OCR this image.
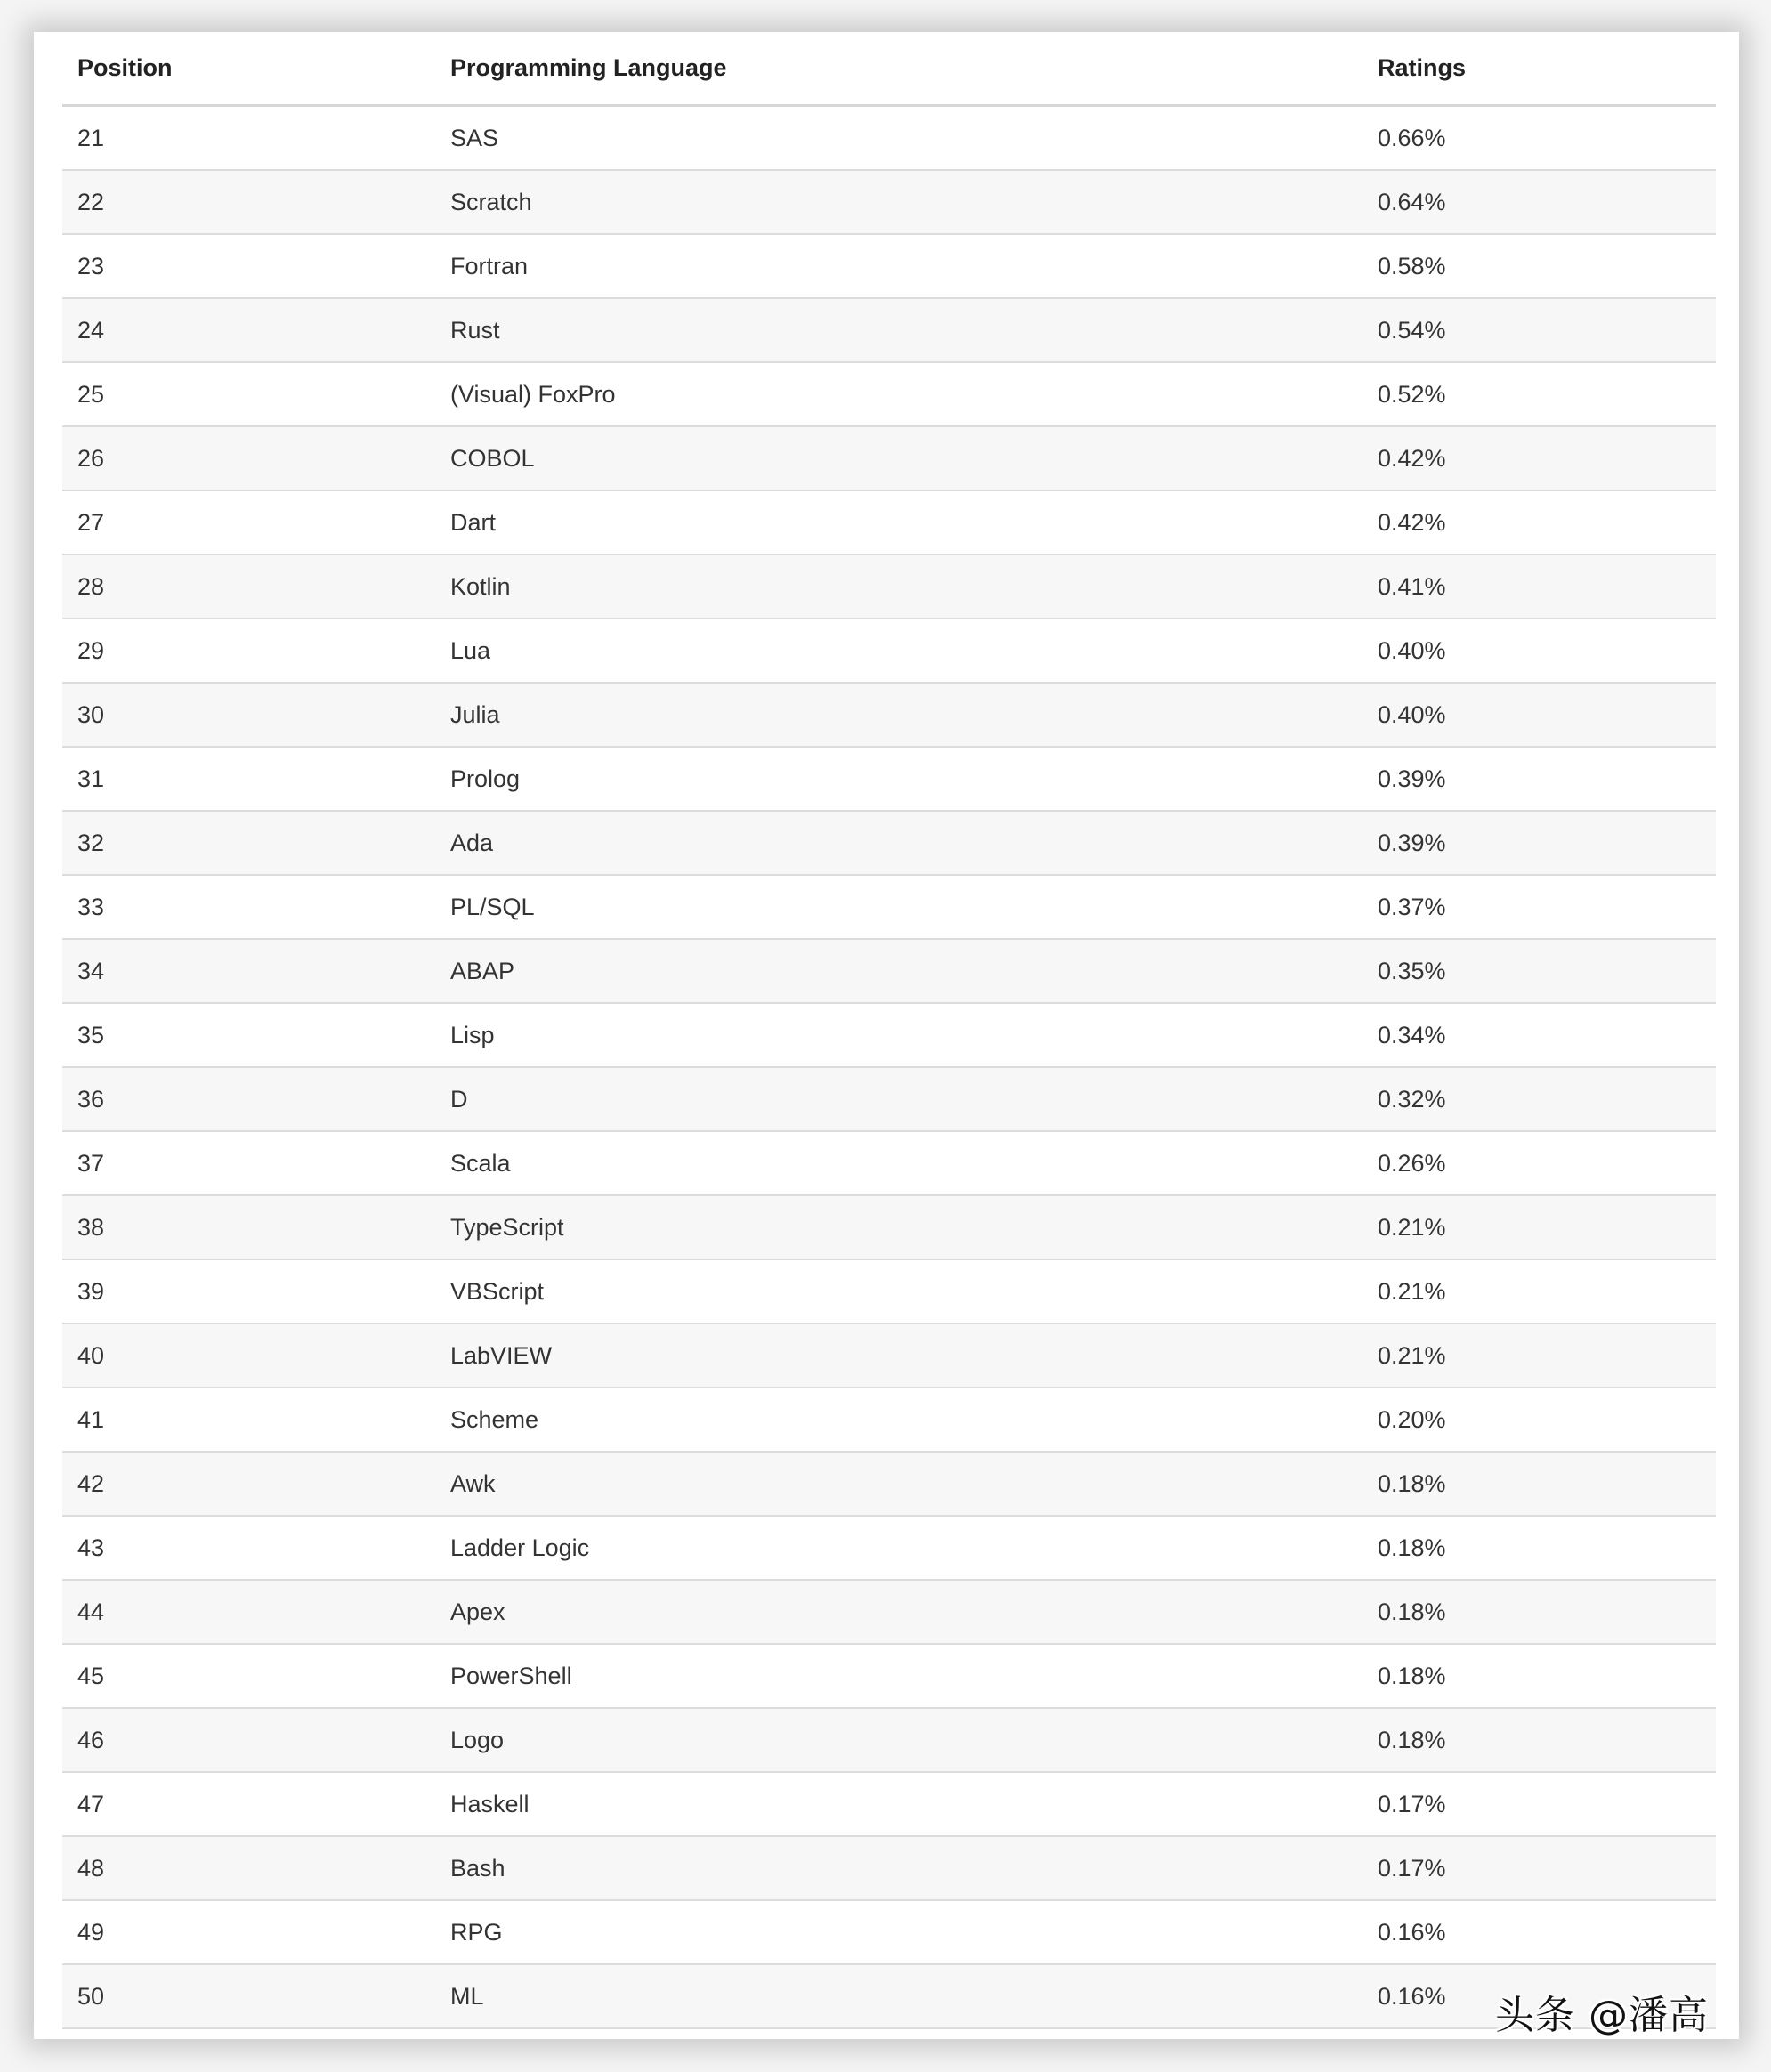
Position	Programming Language	Ratings
21	SAS	0.66%
22	Scratch	0.64%
23	Fortran	0.58%
24	Rust	0.54%
25	(Visual) FoxPro	0.52%
26	COBOL	0.42%
27	Dart	0.42%
28	Kotlin	0.41%
29	Lua	0.40%
30	Julia	0.40%
31	Prolog	0.39%
32	Ada	0.39%
33	PL/SQL	0.37%
34	ABAP	0.35%
35	Lisp	0.34%
36	D	0.32%
37	Scala	0.26%
38	TypeScript	0.21%
39	VBScript	0.21%
40	LabVIEW	0.21%
41	Scheme	0.20%
42	Awk	0.18%
43	Ladder Logic	0.18%
44	Apex	0.18%
45	PowerShell	0.18%
46	Logo	0.18%
47	Haskell	0.17%
48	Bash	0.17%
49	RPG	0.16%
50	ML	0.16% 头条 @潘高
